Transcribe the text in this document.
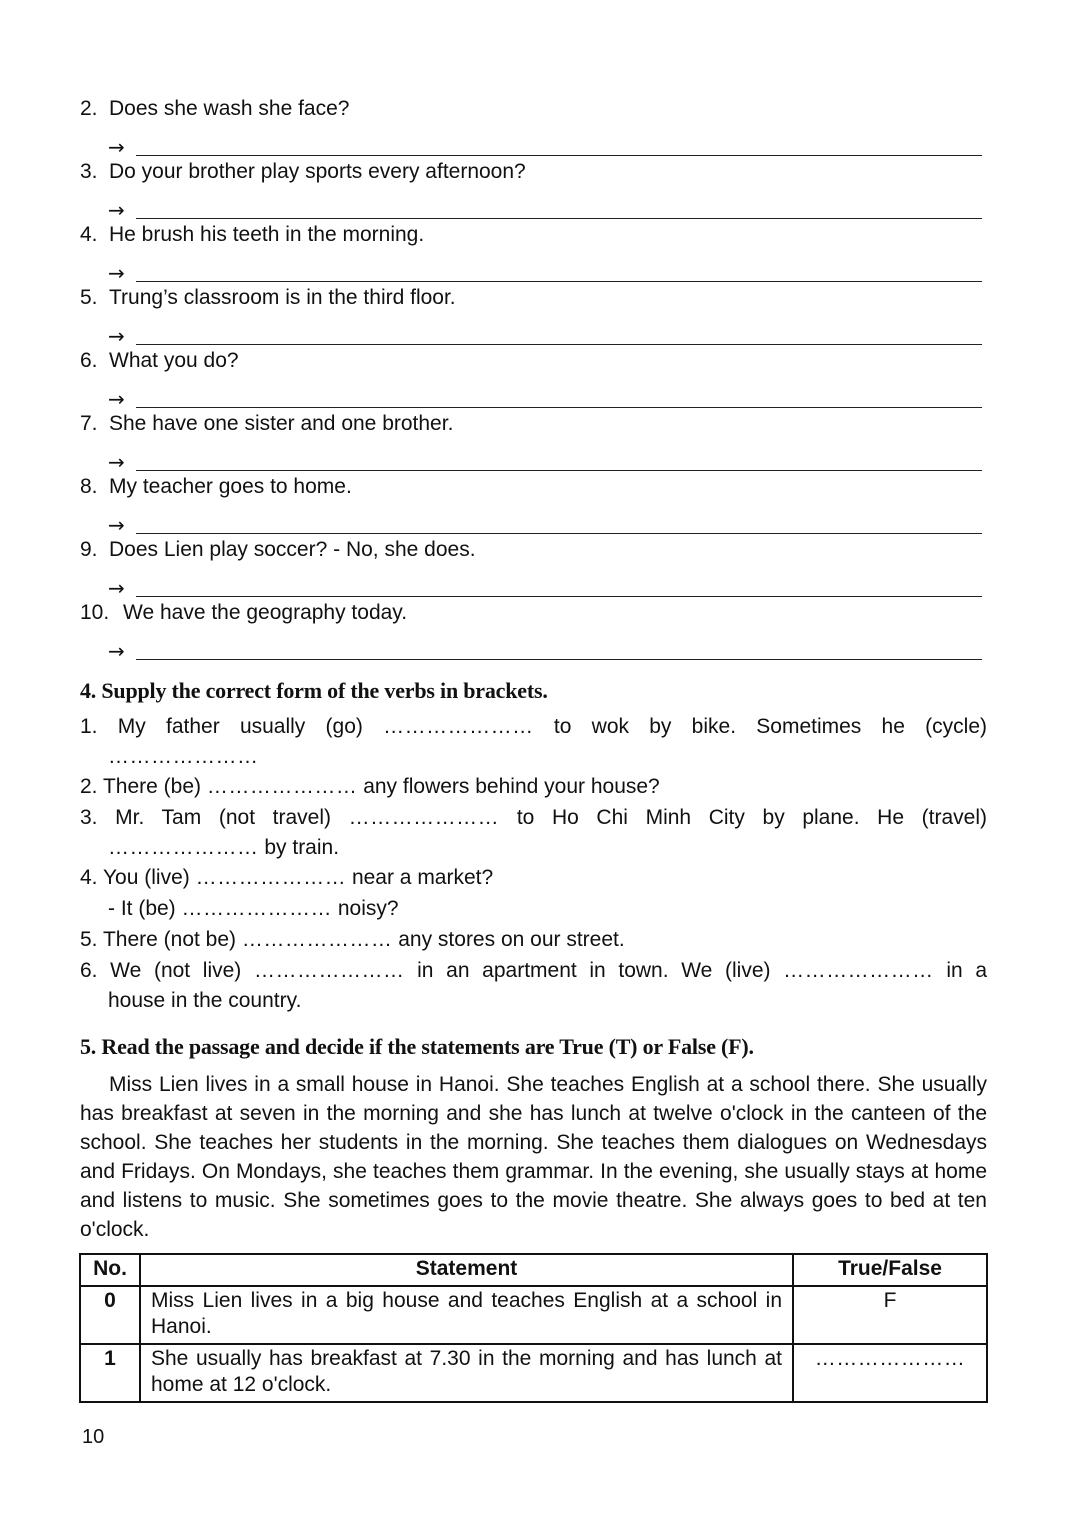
2. Does she wash she face?
→
3. Do your brother play sports every afternoon?
→
4. He brush his teeth in the morning.
→
5. Trung’s classroom is in the third floor.
→
6. What you do?
→
7. She have one sister and one brother.
→
8. My teacher goes to home.
→
9. Does Lien play soccer? - No, she does.
→
10. We have the geography today.
→
4. Supply the correct form of the verbs in brackets.
1. My father usually (go) ………………… to wok by bike. Sometimes he (cycle)
…………………
2. There (be) ………………… any flowers behind your house?
3. Mr. Tam (not travel) ………………… to Ho Chi Minh City by plane. He (travel)
………………… by train.
4. You (live) ………………… near a market?
- It (be) ………………… noisy?
5. There (not be) ………………… any stores on our street.
6. We (not live) ………………… in an apartment in town. We (live) ………………… in a
house in the country.
5. Read the passage and decide if the statements are True (T) or False (F).

Miss Lien lives in a small house in Hanoi. She teaches English at a school there. She usually has breakfast at seven in the morning and she has lunch at twelve o'clock in the canteen of the school. She teaches her students in the morning. She teaches them dialogues on Wednesdays and Fridays. On Mondays, she teaches them grammar. In the evening, she usually stays at home and listens to music. She sometimes goes to the movie theatre. She always goes to bed at ten o'clock.

No.	Statement	True/False
0	Miss Lien lives in a big house and teaches English at a school in Hanoi.	F
1	She usually has breakfast at 7.30 in the morning and has lunch at home at 12 o'clock.	…………………
10
